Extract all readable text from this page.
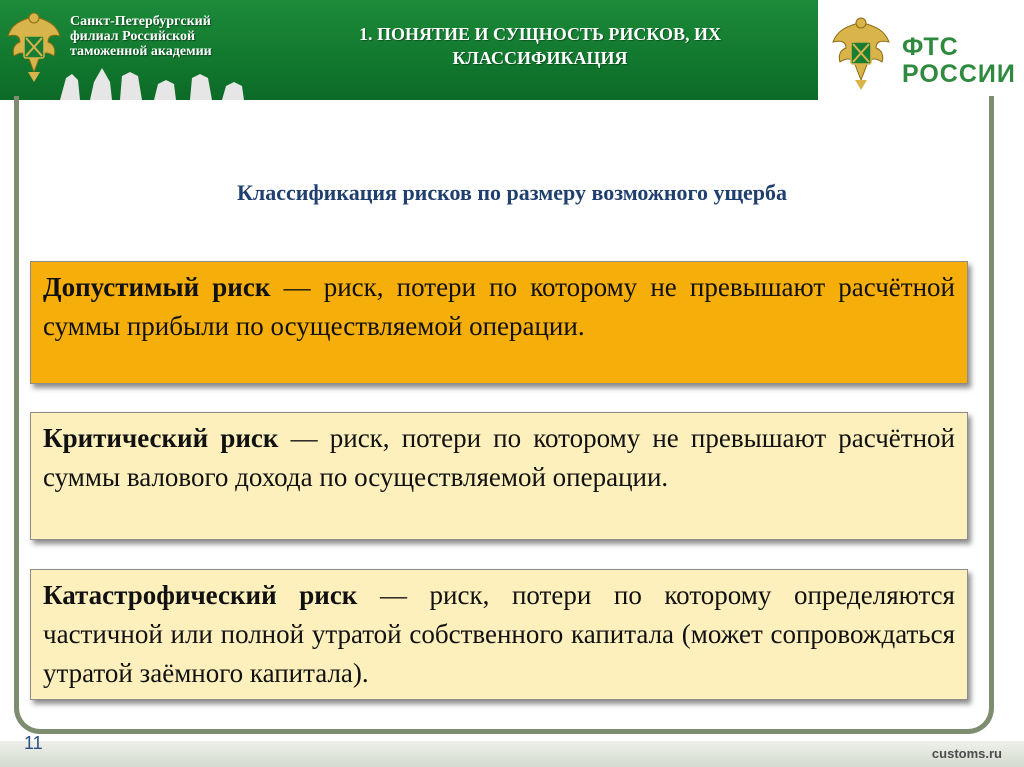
Санкт-Петербургский филиал Российской таможенной академии
1. ПОНЯТИЕ И СУЩНОСТЬ РИСКОВ, ИХ КЛАССИФИКАЦИЯ	ФТС
РОССИИ
Классификация рисков по размеру возможного ущерба
Допустимый риск — риск, потери по которому не превышают расчётной суммы прибыли по осуществляемой операции.
Критический риск — риск, потери по которому не превышают расчётной суммы валового дохода по осуществляемой операции.
Катастрофический риск — риск, потери по которому определяются частичной или полной утратой собственного капитала (может сопровождаться утратой заёмного капитала).
11
customs.ru
